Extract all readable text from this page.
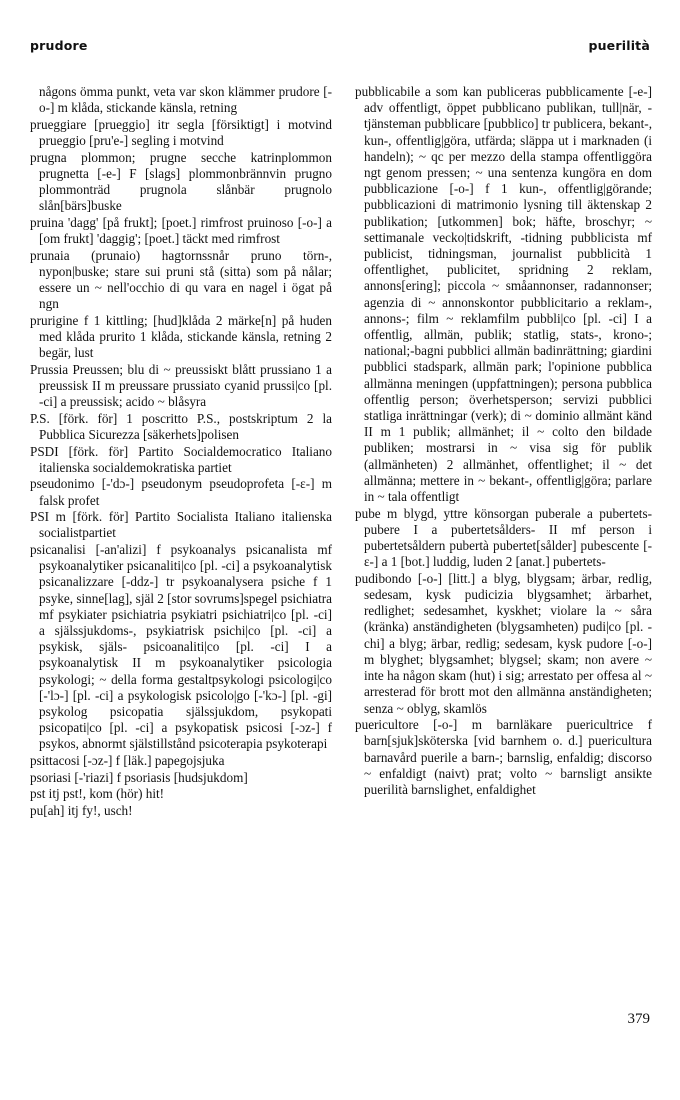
prudore	puerilità

någons ömma punkt, veta var skon klämmer prudore [-o-] m klåda, stickande känsla, retning

prueggiare [prueggio] itr segla [försiktigt] i motvind prueggio [pru'e-] segling i motvind

prugna plommon; prugne secche katrinplommon prugnetta [-e-] F [slags] plommonbrännvin prugno plommonträd prugnola slånbär prugnolo slån[bärs]buske

pruina 'dagg' [på frukt]; [poet.] rimfrost pruinoso [-o-] a [om frukt] 'daggig'; [poet.] täckt med rimfrost

prunaia (prunaio) hagtornssnår pruno törn-, nypon|buske; stare sui pruni stå (sitta) som på nålar; essere un ~ nell'occhio di qu vara en nagel i ögat på ngn

prurigine f 1 kittling; [hud]klåda 2 märke[n] på huden med klåda prurito 1 klåda, stickande känsla, retning 2 begär, lust

Prussia Preussen; blu di ~ preussiskt blått prussiano 1 a preussisk II m preussare prussiato cyanid prussi|co [pl. -ci] a preussisk; acido ~ blåsyra

P.S. [förk. för] 1 poscritto P.S., postskriptum 2 la Pubblica Sicurezza [säkerhets]polisen

PSDI [förk. för] Partito Socialdemocratico Italiano italienska socialdemokratiska partiet

pseudonimo [-'dɔ-] pseudonym pseudoprofeta [-ɛ-] m falsk profet

PSI m [förk. för] Partito Socialista Italiano italienska socialistpartiet

psicanalisi [-an'alizi] f psykoanalys psicanalista mf psykoanalytiker psicanaliti|co [pl. -ci] a psykoanalytisk psicanalizzare [-ddz-] tr psykoanalysera psiche f 1 psyke, sinne[lag], själ 2 [stor sovrums]spegel psichiatra mf psykiater psichiatria psykiatri psichiatri|co [pl. -ci] a själssjukdoms-, psykiatrisk psichi|co [pl. -ci] a psykisk, själs- psicoanaliti|co [pl. -ci] I a psykoanalytisk II m psykoanalytiker psicologia psykologi; ~ della forma gestaltpsykologi psicologi|co [-'lɔ-] [pl. -ci] a psykologisk psicolo|go [-'kɔ-] [pl. -gi] psykolog psicopatia själssjukdom, psykopati psicopati|co [pl. -ci] a psykopatisk psicosi [-ɔz-] f psykos, abnormt själstillstånd psicoterapia psykoterapi

psittacosi [-ɔz-] f [läk.] papegojsjuka

psoriasi [-'riazi] f psoriasis [hudsjukdom]

pst itj pst!, kom (hör) hit!

pu[ah] itj fy!, usch!

pubblicabile a som kan publiceras pubblicamente [-e-] adv offentligt, öppet pubblicano publikan, tull|när, -tjänsteman pubblicare [pubblico] tr publicera, bekant-, kun-, offentlig|göra, utfärda; släppa ut i marknaden (i handeln); ~ qc per mezzo della stampa offentliggöra ngt genom pressen; ~ una sentenza kungöra en dom pubblicazione [-o-] f 1 kun-, offentlig|görande; pubblicazioni di matrimonio lysning till äktenskap 2 publikation; [utkommen] bok; häfte, broschyr; ~ settimanale vecko|tidskrift, -tidning pubblicista mf publicist, tidningsman, journalist pubblicità 1 offentlighet, publicitet, spridning 2 reklam, annons[ering]; piccola ~ småannonser, radannonser; agenzia di ~ annonskontor pubblicitario a reklam-, annons-; film ~ reklamfilm pubbli|co [pl. -ci] I a offentlig, allmän, publik; statlig, stats-, krono-; national;-bagni pubblici allmän badinrättning; giardini pubblici stadspark, allmän park; l'opinione pubblica allmänna meningen (uppfattningen); persona pubblica offentlig person; överhetsperson; servizi pubblici statliga inrättningar (verk); di ~ dominio allmänt känd II m 1 publik; allmänhet; il ~ colto den bildade publiken; mostrarsi in ~ visa sig för publik (allmänheten) 2 allmänhet, offentlighet; il ~ det allmänna; mettere in ~ bekant-, offentlig|göra; parlare in ~ tala offentligt

pube m blygd, yttre könsorgan puberale a pubertets- pubere I a pubertetsålders- II mf person i pubertetsåldern pubertà pubertet[sålder] pubescente [-ɛ-] a 1 [bot.] luddig, luden 2 [anat.] pubertets-

pudibondo [-o-] [litt.] a blyg, blygsam; ärbar, redlig, sedesam, kysk pudicizia blygsamhet; ärbarhet, redlighet; sedesamhet, kyskhet; violare la ~ såra (kränka) anständigheten (blygsamheten) pudi|co [pl. -chi] a blyg; ärbar, redlig; sedesam, kysk pudore [-o-] m blyghet; blygsamhet; blygsel; skam; non avere ~ inte ha någon skam (hut) i sig; arrestato per offesa al ~ arresterad för brott mot den allmänna anständigheten; senza ~ oblyg, skamlös

puericultore [-o-] m barnläkare puericultrice f barn[sjuk]sköterska [vid barnhem o. d.] puericultura barnavård puerile a barn-; barnslig, enfaldig; discorso ~ enfaldigt (naivt) prat; volto ~ barnsligt ansikte puerilità barnslighet, enfaldighet

379
